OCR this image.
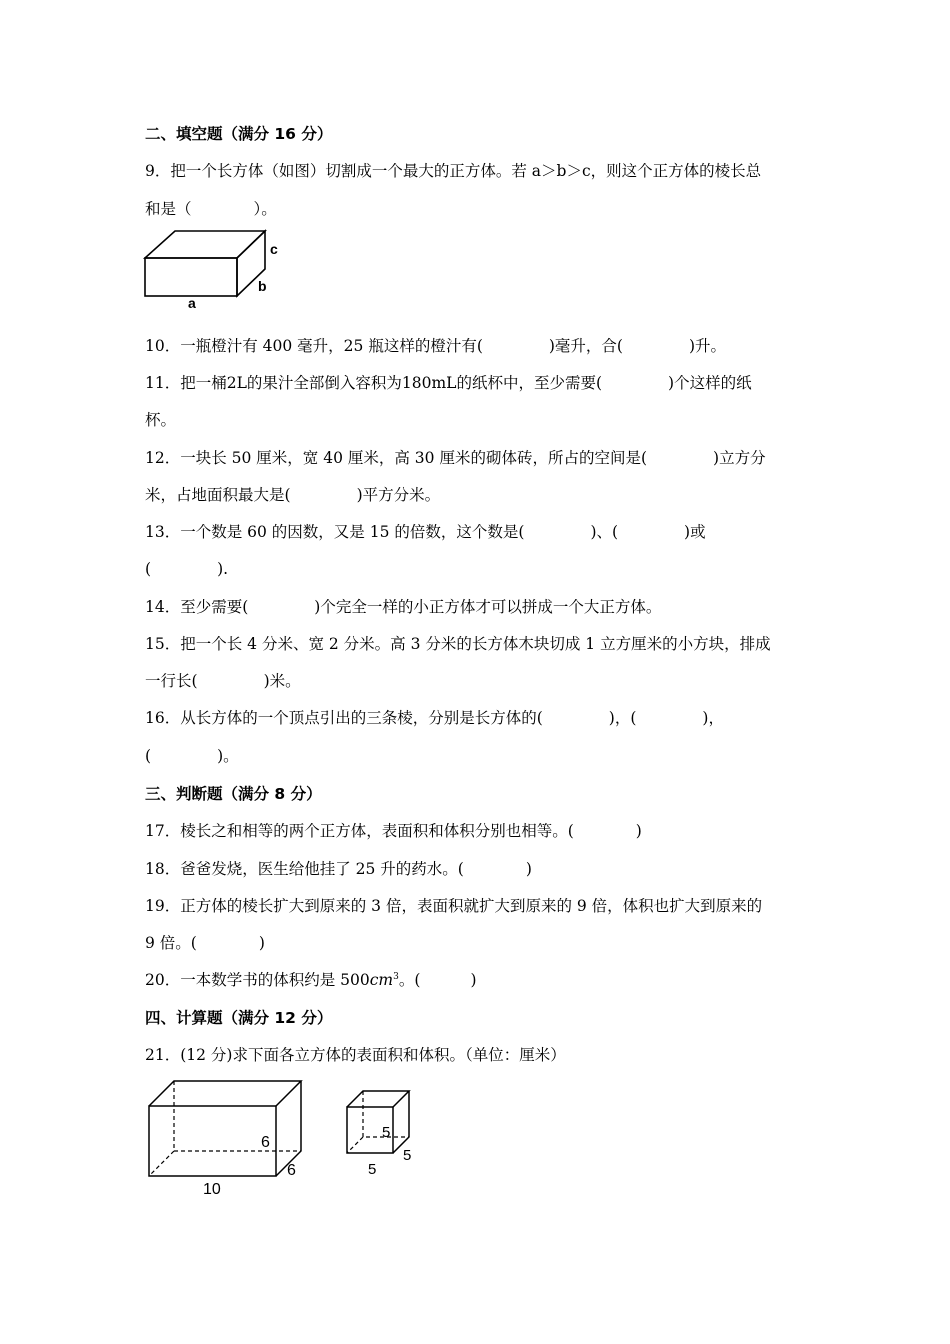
二、填空题（满分 16 分）
9．把一个长方体（如图）切割成一个最大的正方体。若 a＞b＞c，则这个正方体的棱长总
和是（	）。
c
b
a
10．一瓶橙汁有 400 毫升，25 瓶这样的橙汁有(	)毫升，合(	)升。
11．把一桶2L的果汁全部倒入容积为180mL的纸杯中，至少需要(	)个这样的纸
杯。
12．一块长 50 厘米，宽 40 厘米，高 30 厘米的砌体砖，所占的空间是(	)立方分
米，占地面积最大是(	)平方分米。
13．一个数是 60 的因数，又是 15 的倍数，这个数是(	)、(	)或
(	).
14．至少需要(	)个完全一样的小正方体才可以拼成一个大正方体。
15．把一个长 4 分米、宽 2 分米。高 3 分米的长方体木块切成 1 立方厘米的小方块，排成
一行长(	)米。
16．从长方体的一个顶点引出的三条棱，分别是长方体的(	)，(	)，
(	)。
三、判断题（满分 8 分）
17．棱长之和相等的两个正方体，表面积和体积分别也相等。(	)
18．爸爸发烧，医生给他挂了 25 升的药水。(	)
19．正方体的棱长扩大到原来的 3 倍，表面积就扩大到原来的 9 倍，体积也扩大到原来的
9 倍。(	)
20．一本数学书的体积约是 $500cm^3$。(	)
四、计算题（满分 12 分）
21．(12 分)求下面各立方体的表面积和体积。（单位：厘米）
6
6
10
5
5
5
